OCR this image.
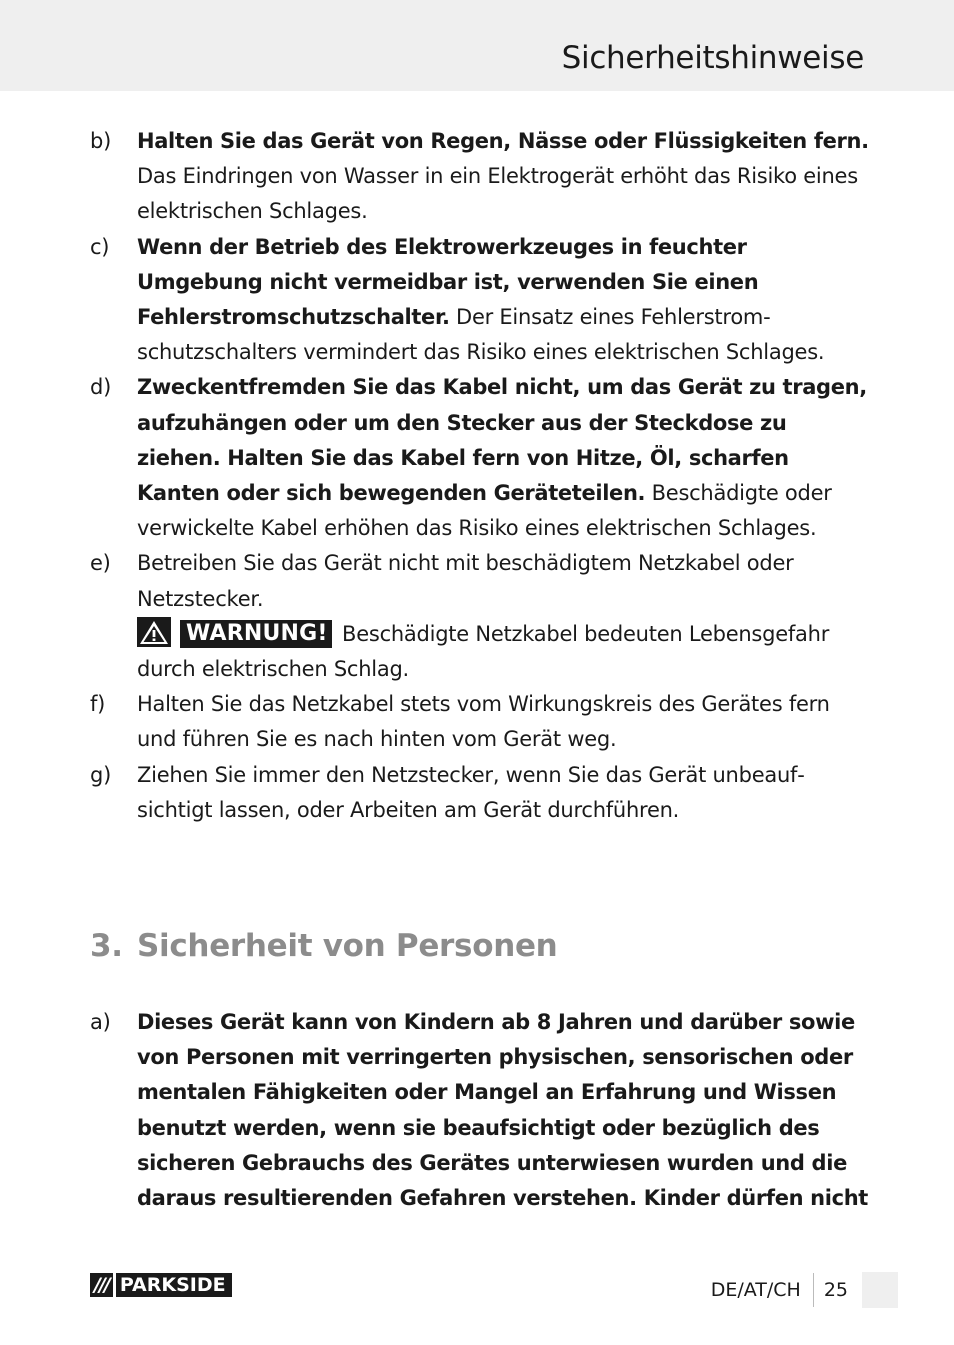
Sicherheitshinweise
b) Halten Sie das Gerät von Regen, Nässe oder Flüssigkeiten fern. Das Eindringen von Wasser in ein Elektrogerät erhöht das Risiko eines elektrischen Schlages.
c) Wenn der Betrieb des Elektrowerkzeuges in feuchter Umgebung nicht vermeidbar ist, verwenden Sie einen Fehlerstromschutzschalter. Der Einsatz eines Fehlerstromschutzschalters vermindert das Risiko eines elektrischen Schlages.
d) Zweckentfremden Sie das Kabel nicht, um das Gerät zu tragen, aufzuhängen oder um den Stecker aus der Steckdose zu ziehen. Halten Sie das Kabel fern von Hitze, Öl, scharfen Kanten oder sich bewegenden Geräteteilen. Beschädigte oder verwickelte Kabel erhöhen das Risiko eines elektrischen Schlages.
e) Betreiben Sie das Gerät nicht mit beschädigtem Netzkabel oder Netzstecker.
WARNUNG! Beschädigte Netzkabel bedeuten Lebensgefahr durch elektrischen Schlag.
f) Halten Sie das Netzkabel stets vom Wirkungskreis des Gerätes fern und führen Sie es nach hinten vom Gerät weg.
g) Ziehen Sie immer den Netzstecker, wenn Sie das Gerät unbeaufsichtigt lassen, oder Arbeiten am Gerät durchführen.
3. Sicherheit von Personen
a) Dieses Gerät kann von Kindern ab 8 Jahren und darüber sowie von Personen mit verringerten physischen, sensorischen oder mentalen Fähigkeiten oder Mangel an Erfahrung und Wissen benutzt werden, wenn sie beaufsichtigt oder bezüglich des sicheren Gebrauchs des Gerätes unterwiesen wurden und die daraus resultierenden Gefahren verstehen. Kinder dürfen nicht
/// PARKSIDE	DE/AT/CH	25
